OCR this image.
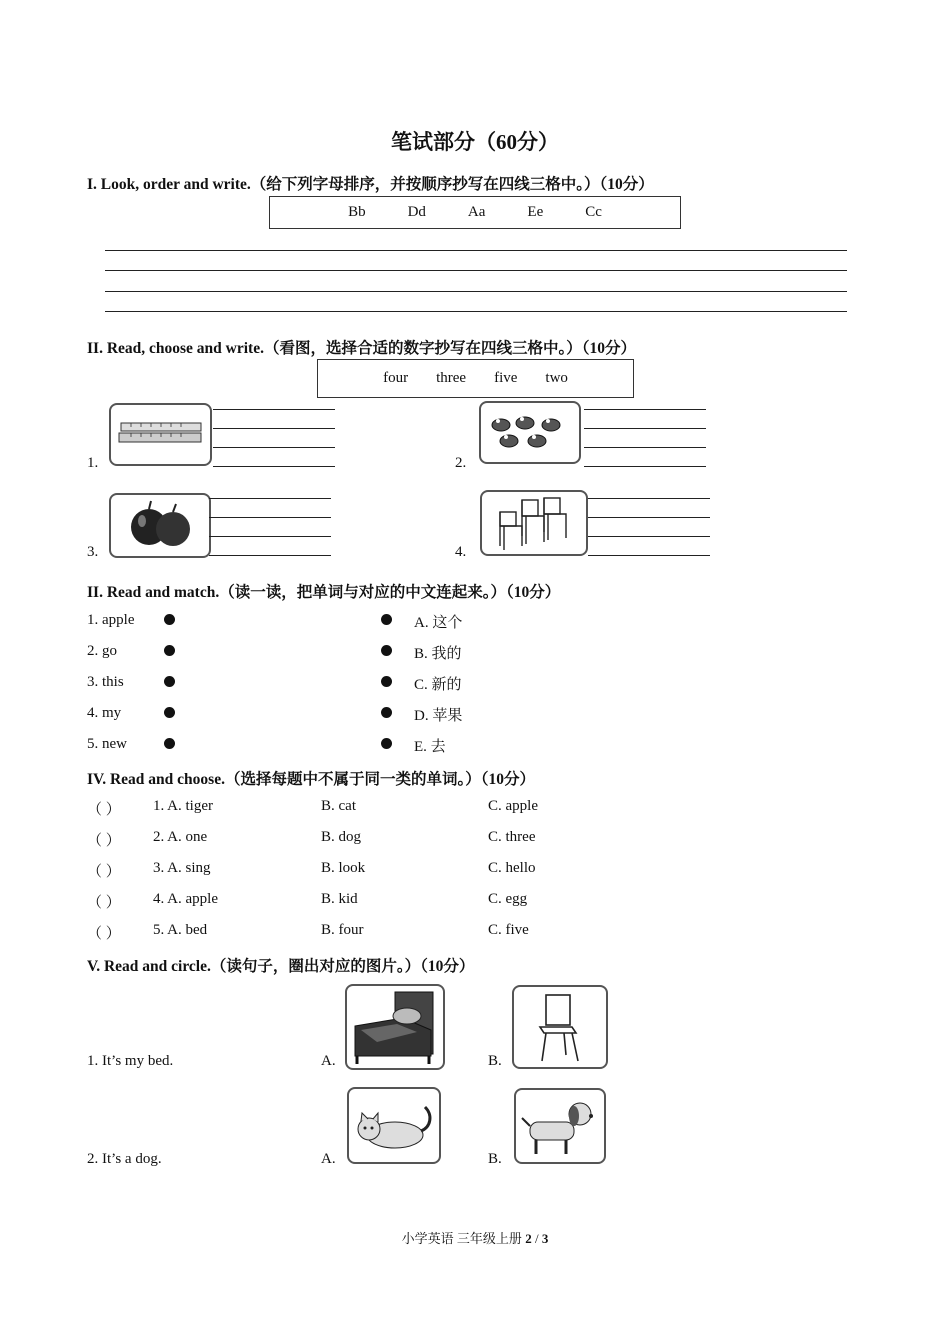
笔试部分（60分）
I. Look, order and write.（给下列字母排序，并按顺序抄写在四线三格中。）（10分）
Bb	Dd	Aa	Ee	Cc
II. Read, choose and write.（看图，选择合适的数字抄写在四线三格中。）（10分）
four three five two
1.	2.
3.	4.
II. Read and match.（读一读，把单词与对应的中文连起来。）（10分）
1. apple	A. 这个
2. go	B. 我的
3. this	C. 新的
4. my	D. 苹果
5. new	E. 去
IV. Read and choose.（选择每题中不属于同一类的单词。）（10分）
（ ） 1. A. tiger	B. cat	C. apple
（ ） 2. A. one	B. dog	C. three
（ ） 3. A. sing	B. look	C. hello
（ ） 4. A. apple	B. kid	C. egg
（ ） 5. A. bed	B. four	C. five
V. Read and circle.（读句子，圈出对应的图片。）（10分）
1. It’s my bed.	A.	B.
2. It’s a dog.	A.	B.
小学英语 三年级上册 2 / 3
